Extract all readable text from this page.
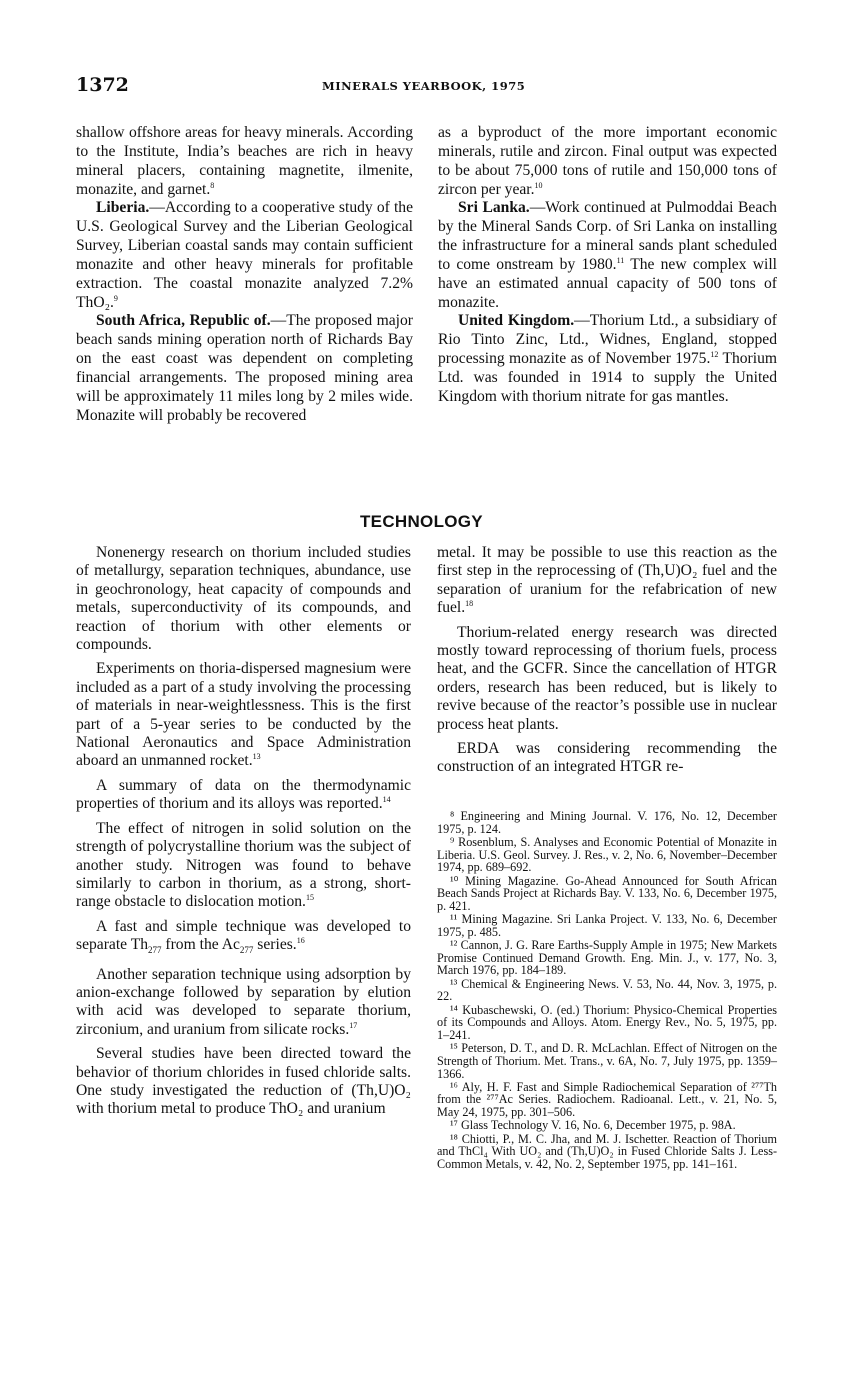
1372	MINERALS YEARBOOK, 1975

shallow offshore areas for heavy minerals. According to the Institute, India’s beaches are rich in heavy mineral placers, containing magnetite, ilmenite, monazite, and garnet.$^8$

Liberia.—According to a cooperative study of the U.S. Geological Survey and the Liberian Geological Survey, Liberian coastal sands may contain sufficient monazite and other heavy minerals for profitable extraction. The coastal monazite analyzed 7.2% ThO₂.$^9$

South Africa, Republic of.—The proposed major beach sands mining operation north of Richards Bay on the east coast was dependent on completing financial arrangements. The proposed mining area will be approximately 11 miles long by 2 miles wide. Monazite will probably be recovered

as a byproduct of the more important economic minerals, rutile and zircon. Final output was expected to be about 75,000 tons of rutile and 150,000 tons of zircon per year.$^{10}$

Sri Lanka.—Work continued at Pulmoddai Beach by the Mineral Sands Corp. of Sri Lanka on installing the infrastructure for a mineral sands plant scheduled to come onstream by 1980.11 The new complex will have an estimated annual capacity of 500 tons of monazite.

United Kingdom.—Thorium Ltd., a subsidiary of Rio Tinto Zinc, Ltd., Widnes, England, stopped processing monazite as of November 1975.12 Thorium Ltd. was founded in 1914 to supply the United Kingdom with thorium nitrate for gas mantles.

TECHNOLOGY

Nonenergy research on thorium included studies of metallurgy, separation techniques, abundance, use in geochronology, heat capacity of compounds and metals, superconductivity of its compounds, and reaction of thorium with other elements or compounds.

Experiments on thoria-dispersed magnesium were included as a part of a study involving the processing of materials in near-weightlessness. This is the first part of a 5-year series to be conducted by the National Aeronautics and Space Administration aboard an unmanned rocket.$^{13}$

A summary of data on the thermodynamic properties of thorium and its alloys was reported.$^{14}$

The effect of nitrogen in solid solution on the strength of polycrystalline thorium was the subject of another study. Nitrogen was found to behave similarly to carbon in thorium, as a strong, short-range obstacle to dislocation motion.$^{15}$

A fast and simple technique was developed to separate $Th_{277}$ from the $Ac_{277}$ series.$^{16}$

Another separation technique using adsorption by anion-exchange followed by separation by elution with acid was developed to separate thorium, zirconium, and uranium from silicate rocks.$^{17}$

Several studies have been directed toward the behavior of thorium chlorides in fused chloride salts. One study investigated the reduction of (Th,U)O₂ with thorium metal to produce ThO₂ and uranium

metal. It may be possible to use this reaction as the first step in the reprocessing of (Th,U)O₂ fuel and the separation of uranium for the refabrication of new fuel.$^{18}$

Thorium-related energy research was directed mostly toward reprocessing of thorium fuels, process heat, and the GCFR. Since the cancellation of HTGR orders, research has been reduced, but is likely to revive because of the reactor’s possible use in nuclear process heat plants.

ERDA was considering recommending the construction of an integrated HTGR re-

⁸ Engineering and Mining Journal. V. 176, No. 12, December 1975, p. 124.
⁹ Rosenblum, S. Analyses and Economic Potential of Monazite in Liberia. U.S. Geol. Survey. J. Res., v. 2, No. 6, November–December 1974, pp. 689–692.
¹⁰ Mining Magazine. Go-Ahead Announced for South African Beach Sands Project at Richards Bay. V. 133, No. 6, December 1975, p. 421.
¹¹ Mining Magazine. Sri Lanka Project. V. 133, No. 6, December 1975, p. 485.
¹² Cannon, J. G. Rare Earths-Supply Ample in 1975; New Markets Promise Continued Demand Growth. Eng. Min. J., v. 177, No. 3, March 1976, pp. 184–189.
¹³ Chemical & Engineering News. V. 53, No. 44, Nov. 3, 1975, p. 22.
¹⁴ Kubaschewski, O. (ed.) Thorium: Physico-Chemical Properties of its Compounds and Alloys. Atom. Energy Rev., No. 5, 1975, pp. 1–241.
¹⁵ Peterson, D. T., and D. R. McLachlan. Effect of Nitrogen on the Strength of Thorium. Met. Trans., v. 6A, No. 7, July 1975, pp. 1359–1366.
¹⁶ Aly, H. F. Fast and Simple Radiochemical Separation of ²⁷⁷Th from the ²⁷⁷Ac Series. Radiochem. Radioanal. Lett., v. 21, No. 5, May 24, 1975, pp. 301–506.
¹⁷ Glass Technology V. 16, No. 6, December 1975, p. 98A.
¹⁸ Chiotti, P., M. C. Jha, and M. J. Ischetter. Reaction of Thorium and ThCl₄ With UO₂ and (Th,U)O₂ in Fused Chloride Salts J. Less-Common Metals, v. 42, No. 2, September 1975, pp. 141–161.
